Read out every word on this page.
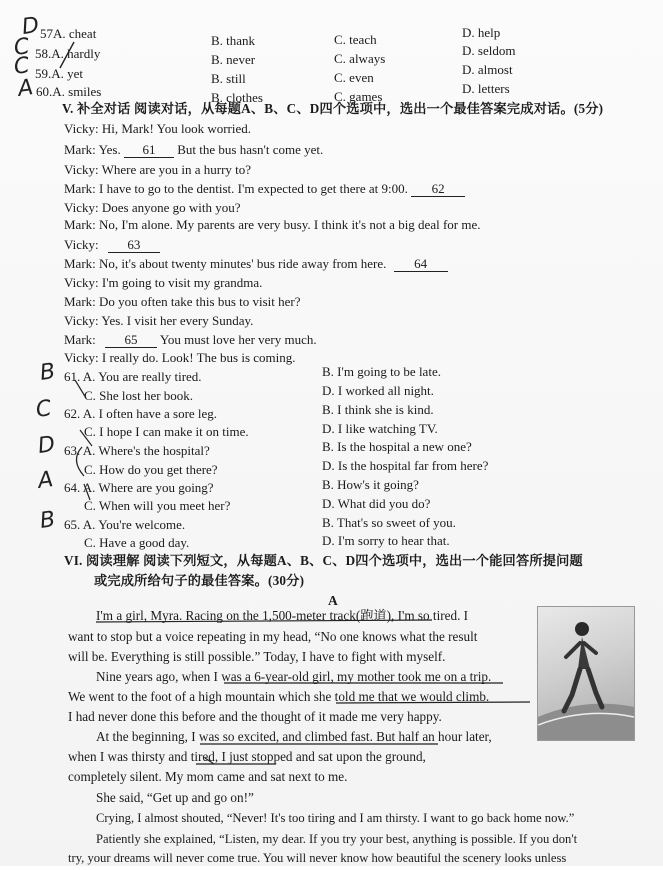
D 57A. cheat	B. thank	C. teach	D. help
C 58.A. hardly	B. never	C. always
D. seldom
C 59.A. yet	B. still	C. even
D. almost
A 60.A. smiles	B. clothes	C. games
D. letters
V. 补全对话 阅读对话，从每题A、B、C、D四个选项中，选出一个最佳答案完成对话。(5分)
Vicky: Hi, Mark! You look worried.
Mark: Yes. 61 But the bus hasn't come yet.
Vicky: Where are you in a hurry to?
Mark: I have to go to the dentist. I'm expected to get there at 9:00. 62
Vicky: Does anyone go with you?
Mark: No, I'm alone. My parents are very busy. I think it's not a big deal for me.
Vicky: 63
Mark: No, it's about twenty minutes' bus ride away from here. 64
Vicky: I'm going to visit my grandma.
Mark: Do you often take this bus to visit her?
Vicky: Yes. I visit her every Sunday.
Mark: 65 You must love her very much.
Vicky: I really do. Look! The bus is coming.
B 61. A. You are really tired.	B. I'm going to be late.
C. She lost her book.	D. I worked all night.
C 62. A. I often have a sore leg.	B. I think she is kind.
C. I hope I can make it on time.	D. I like watching TV.
D 63. A. Where's the hospital?	B. Is the hospital a new one?
C. How do you get there?	D. Is the hospital far from here?
A 64. A. Where are you going?	B. How's it going?
C. When will you meet her?	D. What did you do?
B 65. A. You're welcome.	B. That's so sweet of you.
C. Have a good day.	D. I'm sorry to hear that.
VI. 阅读理解 阅读下列短文，从每题A、B、C、D四个选项中，选出一个能回答所提问题
或完成所给句子的最佳答案。(30分)
A
I'm a girl, Myra. Racing on the 1,500-meter track(跑道), I'm so tired. I
want to stop but a voice repeating in my head, “No one knows what the result
will be. Everything is still possible.” Today, I have to fight with myself.
Nine years ago, when I was a 6-year-old girl, my mother took me on a trip.
We went to the foot of a high mountain which she told me that we would climb.
I had never done this before and the thought of it made me very happy.
At the beginning, I was so excited, and climbed fast. But half an hour later,
when I was thirsty and tired, I just stopped and sat upon the ground,
completely silent. My mom came and sat next to me.
She said, “Get up and go on!”
Crying, I almost shouted, “Never! It's too tiring and I am thirsty. I want to go back home now.”
Patiently she explained, “Listen, my dear. If you try your best, anything is possible. If you don't
try, your dreams will never come true. You will never know how beautiful the scenery looks unless
